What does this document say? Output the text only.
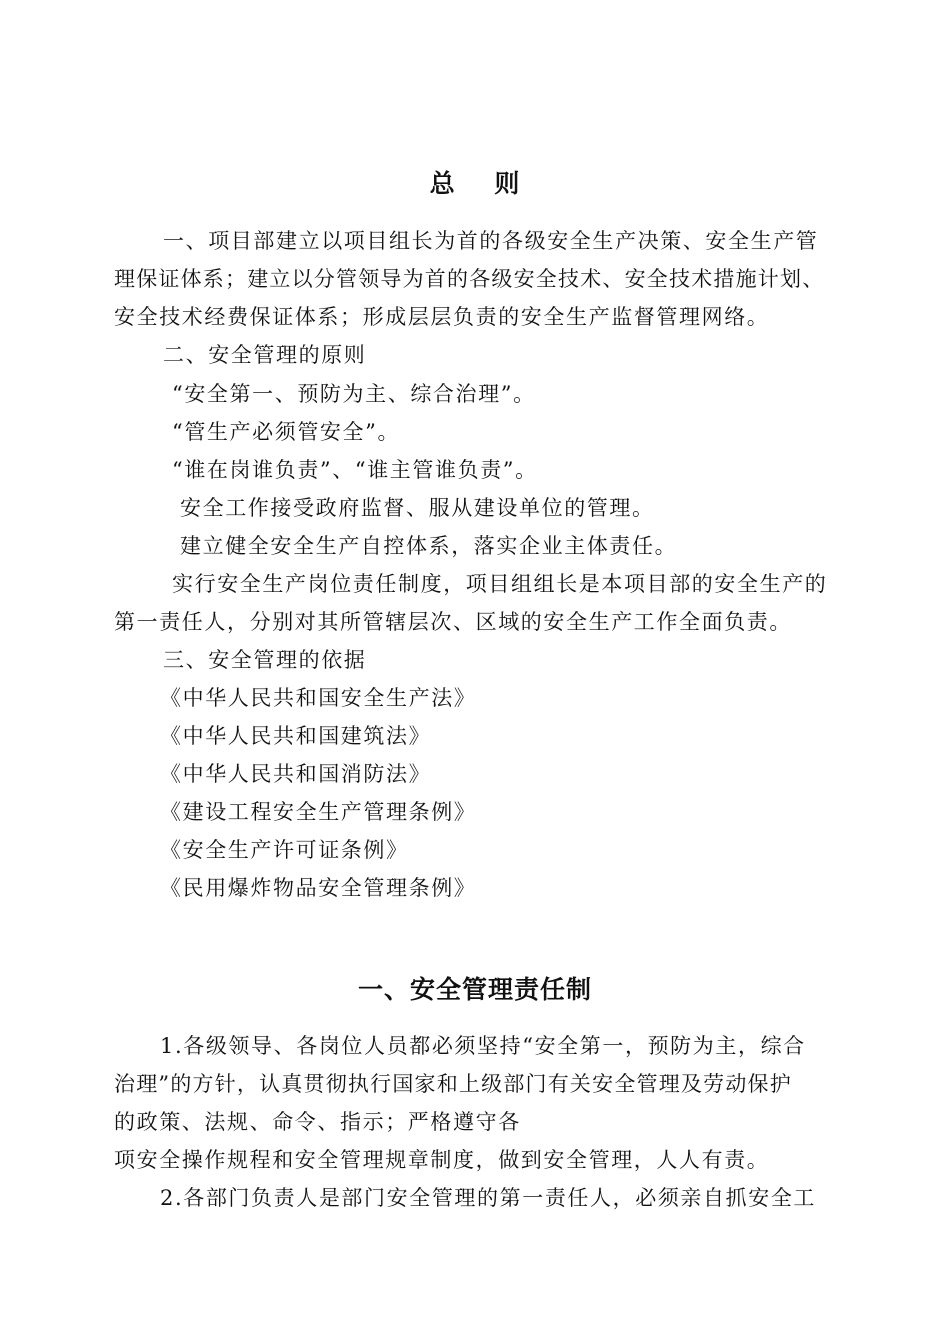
总    则
一、项目部建立以项目组长为首的各级安全生产决策、安全生产管
理保证体系；建立以分管领导为首的各级安全技术、安全技术措施计划、
安全技术经费保证体系；形成层层负责的安全生产监督管理网络。
二、安全管理的原则
“安全第一、预防为主、综合治理”。
“管生产必须管安全”。
“谁在岗谁负责”、“谁主管谁负责”。
安全工作接受政府监督、服从建设单位的管理。
建立健全安全生产自控体系，落实企业主体责任。
实行安全生产岗位责任制度，项目组组长是本项目部的安全生产的
第一责任人，分别对其所管辖层次、区域的安全生产工作全面负责。
三、安全管理的依据
《中华人民共和国安全生产法》
《中华人民共和国建筑法》
《中华人民共和国消防法》
《建设工程安全生产管理条例》
《安全生产许可证条例》
《民用爆炸物品安全管理条例》
一、安全管理责任制
1.各级领导、各岗位人员都必须坚持“安全第一，预防为主，综合
治理”的方针，认真贯彻执行国家和上级部门有关安全管理及劳动保护
的政策、法规、命令、指示；严格遵守各
项安全操作规程和安全管理规章制度，做到安全管理，人人有责。
2.各部门负责人是部门安全管理的第一责任人，必须亲自抓安全工
